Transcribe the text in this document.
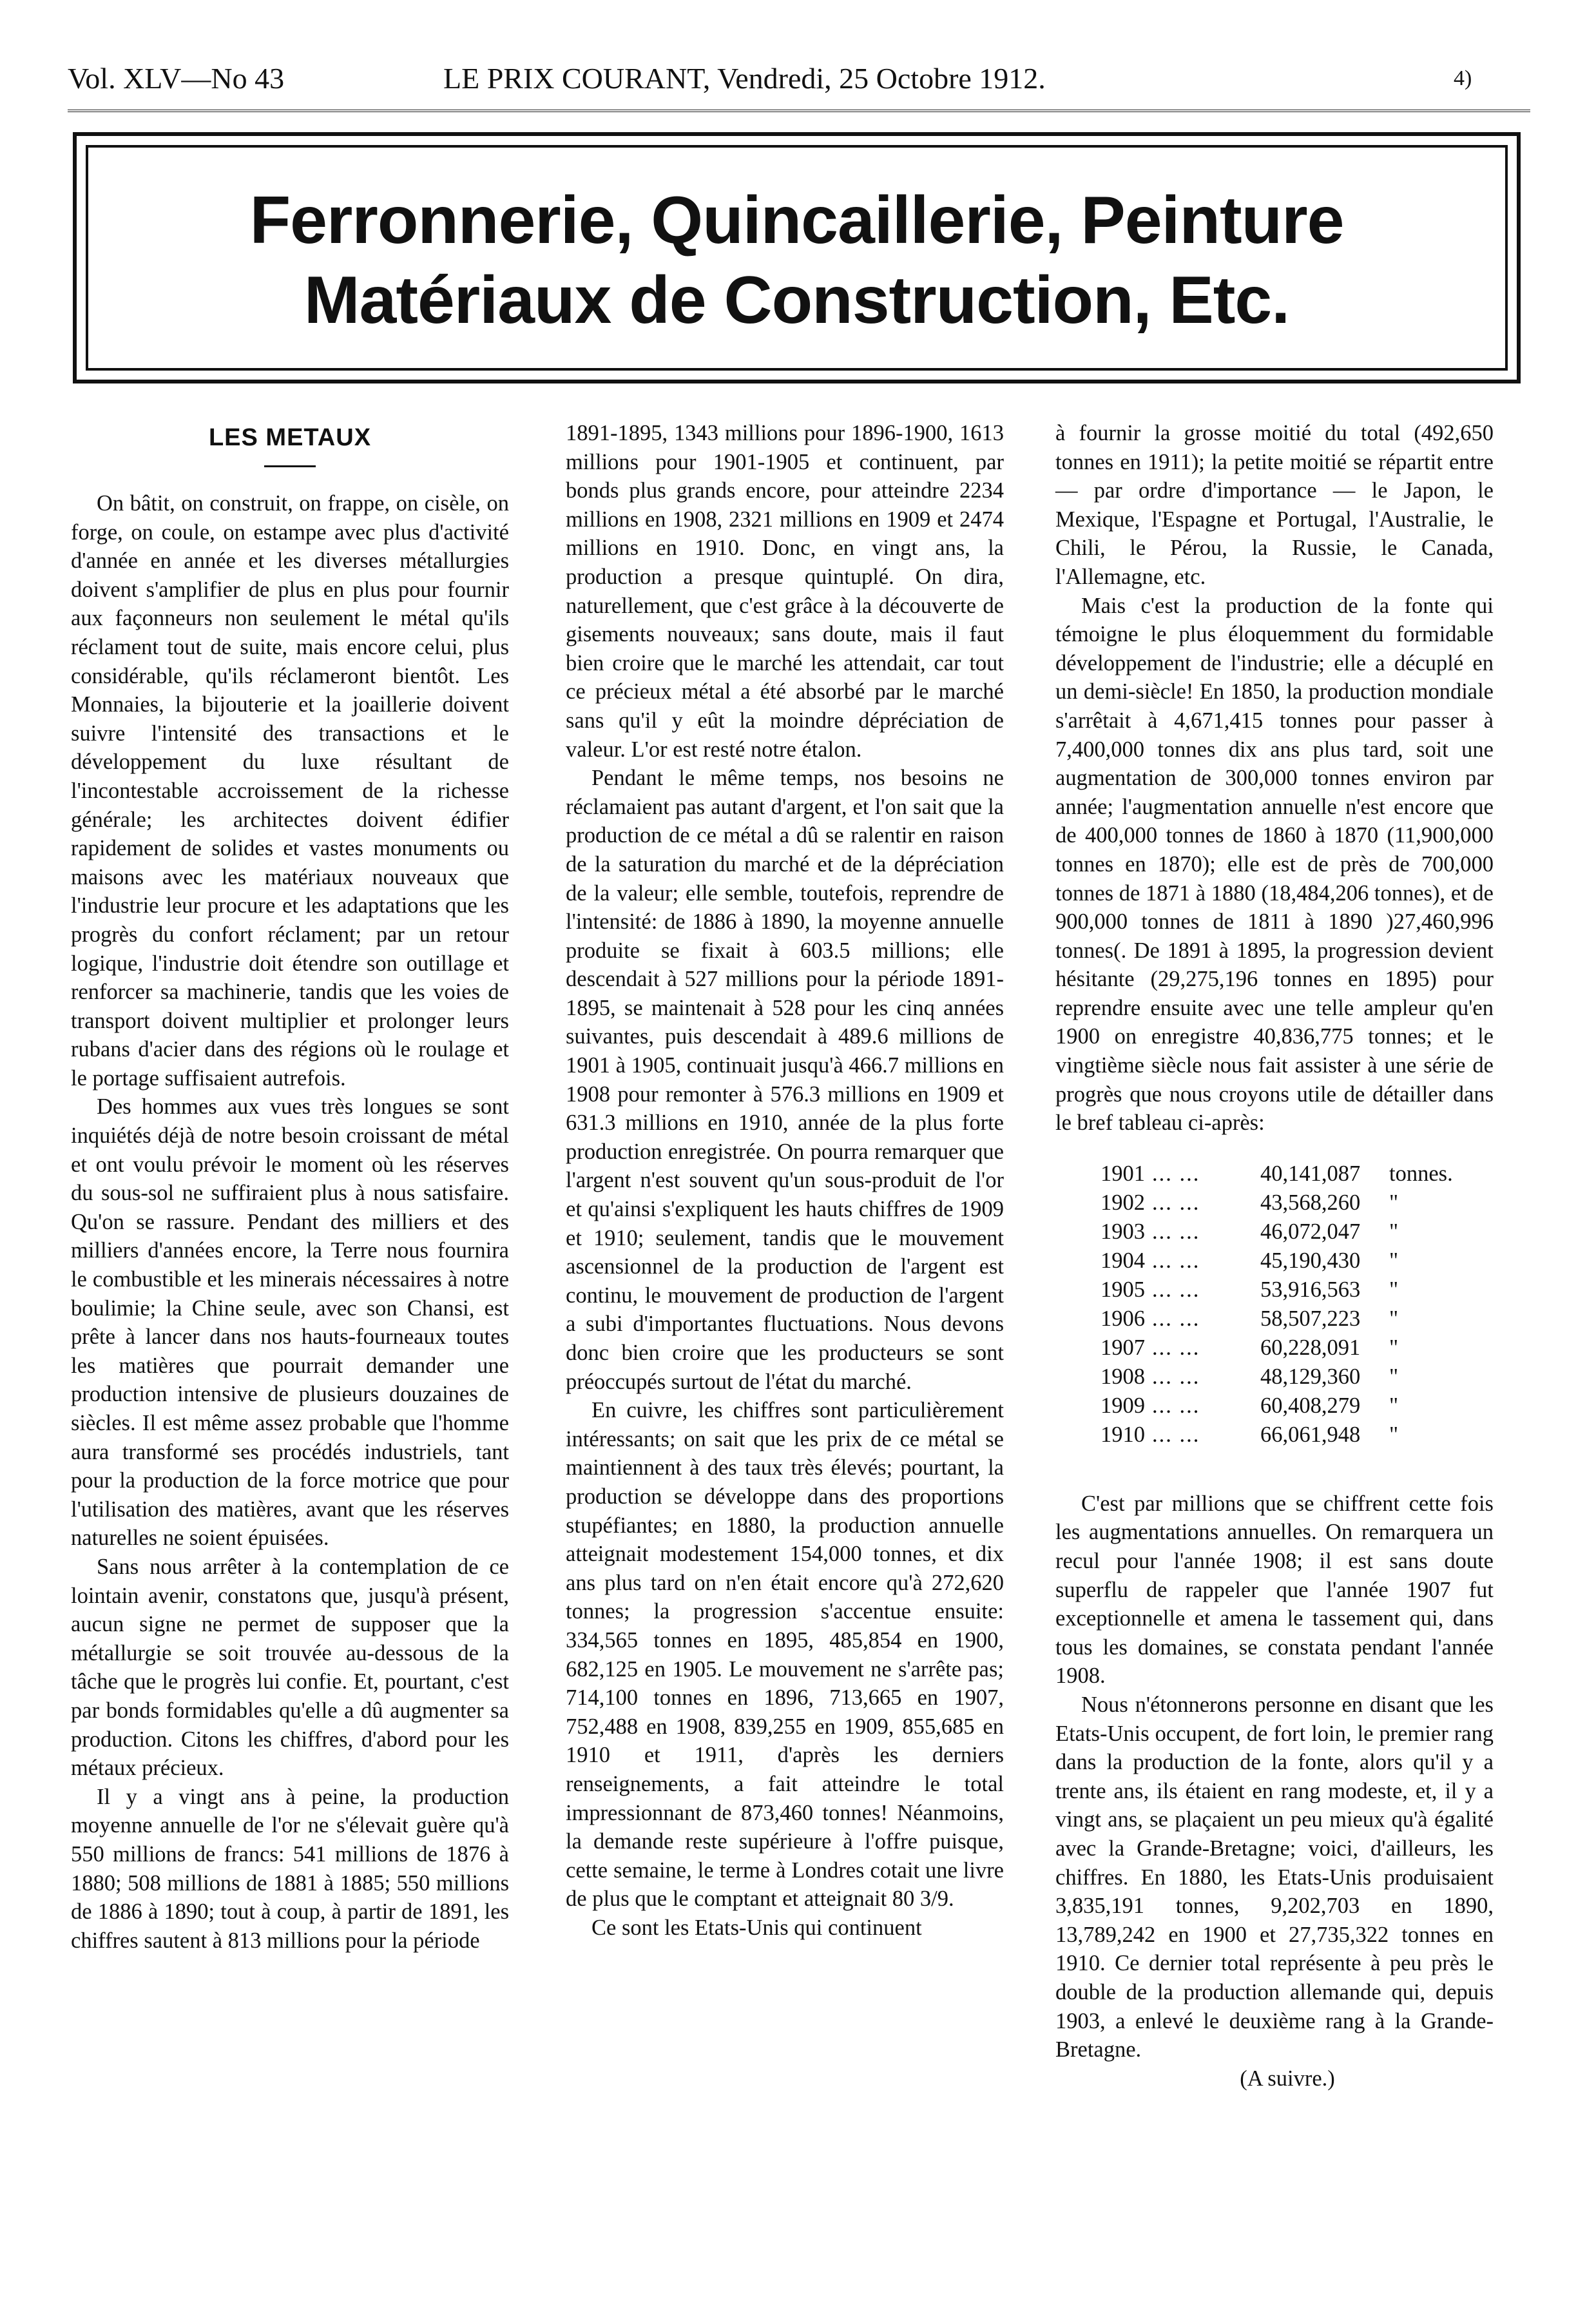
Vol. XLV—No 43	LE PRIX COURANT, Vendredi, 25 Octobre 1912.	4)
Ferronnerie, Quincaillerie, Peinture
Matériaux de Construction, Etc.
LES METAUX

On bâtit, on construit, on frappe, on cisèle, on forge, on coule, on estampe avec plus d'activité d'année en année et les diverses métallurgies doivent s'amplifier de plus en plus pour fournir aux façonneurs non seulement le métal qu'ils réclament tout de suite, mais encore celui, plus considérable, qu'ils réclameront bientôt. Les Monnaies, la bijouterie et la joaillerie doivent suivre l'intensité des transactions et le développement du luxe résultant de l'incontestable accroissement de la richesse générale; les architectes doivent édifier rapidement de solides et vastes monuments ou maisons avec les matériaux nouveaux que l'industrie leur procure et les adaptations que les progrès du confort réclament; par un retour logique, l'industrie doit étendre son outillage et renforcer sa machinerie, tandis que les voies de transport doivent multiplier et prolonger leurs rubans d'acier dans des régions où le roulage et le portage suffisaient autrefois.

Des hommes aux vues très longues se sont inquiétés déjà de notre besoin croissant de métal et ont voulu prévoir le moment où les réserves du sous-sol ne suffiraient plus à nous satisfaire. Qu'on se rassure. Pendant des milliers et des milliers d'années encore, la Terre nous fournira le combustible et les minerais nécessaires à notre boulimie; la Chine seule, avec son Chansi, est prête à lancer dans nos hauts-fourneaux toutes les matières que pourrait demander une production intensive de plusieurs douzaines de siècles. Il est même assez probable que l'homme aura transformé ses procédés industriels, tant pour la production de la force motrice que pour l'utilisation des matières, avant que les réserves naturelles ne soient épuisées.

Sans nous arrêter à la contemplation de ce lointain avenir, constatons que, jusqu'à présent, aucun signe ne permet de supposer que la métallurgie se soit trouvée au-dessous de la tâche que le progrès lui confie. Et, pourtant, c'est par bonds formidables qu'elle a dû augmenter sa production. Citons les chiffres, d'abord pour les métaux précieux.

Il y a vingt ans à peine, la production moyenne annuelle de l'or ne s'élevait guère qu'à 550 millions de francs: 541 millions de 1876 à 1880; 508 millions de 1881 à 1885; 550 millions de 1886 à 1890; tout à coup, à partir de 1891, les chiffres sautent à 813 millions pour la période

1891-1895, 1343 millions pour 1896-1900, 1613 millions pour 1901-1905 et continuent, par bonds plus grands encore, pour atteindre 2234 millions en 1908, 2321 millions en 1909 et 2474 millions en 1910. Donc, en vingt ans, la production a presque quintuplé. On dira, naturellement, que c'est grâce à la découverte de gisements nouveaux; sans doute, mais il faut bien croire que le marché les attendait, car tout ce précieux métal a été absorbé par le marché sans qu'il y eût la moindre dépréciation de valeur. L'or est resté notre étalon.

Pendant le même temps, nos besoins ne réclamaient pas autant d'argent, et l'on sait que la production de ce métal a dû se ralentir en raison de la saturation du marché et de la dépréciation de la valeur; elle semble, toutefois, reprendre de l'intensité: de 1886 à 1890, la moyenne annuelle produite se fixait à 603.5 millions; elle descendait à 527 millions pour la période 1891-1895, se maintenait à 528 pour les cinq années suivantes, puis descendait à 489.6 millions de 1901 à 1905, continuait jusqu'à 466.7 millions en 1908 pour remonter à 576.3 millions en 1909 et 631.3 millions en 1910, année de la plus forte production enregistrée. On pourra remarquer que l'argent n'est souvent qu'un sous-produit de l'or et qu'ainsi s'expliquent les hauts chiffres de 1909 et 1910; seulement, tandis que le mouvement ascensionnel de la production de l'argent est continu, le mouvement de production de l'argent a subi d'importantes fluctuations. Nous devons donc bien croire que les producteurs se sont préoccupés surtout de l'état du marché.

En cuivre, les chiffres sont particulièrement intéressants; on sait que les prix de ce métal se maintiennent à des taux très élevés; pourtant, la production se développe dans des proportions stupéfiantes; en 1880, la production annuelle atteignait modestement 154,000 tonnes, et dix ans plus tard on n'en était encore qu'à 272,620 tonnes; la progression s'accentue ensuite: 334,565 tonnes en 1895, 485,854 en 1900, 682,125 en 1905. Le mouvement ne s'arrête pas; 714,100 tonnes en 1896, 713,665 en 1907, 752,488 en 1908, 839,255 en 1909, 855,685 en 1910 et 1911, d'après les derniers renseignements, a fait atteindre le total impressionnant de 873,460 tonnes! Néanmoins, la demande reste supérieure à l'offre puisque, cette semaine, le terme à Londres cotait une livre de plus que le comptant et atteignait 80 3/9.

Ce sont les Etats-Unis qui continuent

à fournir la grosse moitié du total (492,650 tonnes en 1911); la petite moitié se répartit entre — par ordre d'importance — le Japon, le Mexique, l'Espagne et Portugal, l'Australie, le Chili, le Pérou, la Russie, le Canada, l'Allemagne, etc.

Mais c'est la production de la fonte qui témoigne le plus éloquemment du formidable développement de l'industrie; elle a décuplé en un demi-siècle! En 1850, la production mondiale s'arrêtait à 4,671,415 tonnes pour passer à 7,400,000 tonnes dix ans plus tard, soit une augmentation de 300,000 tonnes environ par année; l'augmentation annuelle n'est encore que de 400,000 tonnes de 1860 à 1870 (11,900,000 tonnes en 1870); elle est de près de 700,000 tonnes de 1871 à 1880 (18,484,206 tonnes), et de 900,000 tonnes de 1811 à 1890 )27,460,996 tonnes(. De 1891 à 1895, la progression devient hésitante (29,275,196 tonnes en 1895) pour reprendre ensuite avec une telle ampleur qu'en 1900 on enregistre 40,836,775 tonnes; et le vingtième siècle nous fait assister à une série de progrès que nous croyons utile de détailler dans le bref tableau ci-après:

1901	... ...	40,141,087	tonnes.
1902	... ...	43,568,260	"
1903	... ...	46,072,047	"
1904	... ...	45,190,430	"
1905	... ...	53,916,563	"
1906	... ...	58,507,223	"
1907	... ...	60,228,091	"
1908	... ...	48,129,360	"
1909	... ...	60,408,279	"
1910	... ...	66,061,948	"

C'est par millions que se chiffrent cette fois les augmentations annuelles. On remarquera un recul pour l'année 1908; il est sans doute superflu de rappeler que l'année 1907 fut exceptionnelle et amena le tassement qui, dans tous les domaines, se constata pendant l'année 1908.

Nous n'étonnerons personne en disant que les Etats-Unis occupent, de fort loin, le premier rang dans la production de la fonte, alors qu'il y a trente ans, ils étaient en rang modeste, et, il y a vingt ans, se plaçaient un peu mieux qu'à égalité avec la Grande-Bretagne; voici, d'ailleurs, les chiffres. En 1880, les Etats-Unis produisaient 3,835,191 tonnes, 9,202,703 en 1890, 13,789,242 en 1900 et 27,735,322 tonnes en 1910. Ce dernier total représente à peu près le double de la production allemande qui, depuis 1903, a enlevé le deuxième rang à la Grande-Bretagne.

(A suivre.)
